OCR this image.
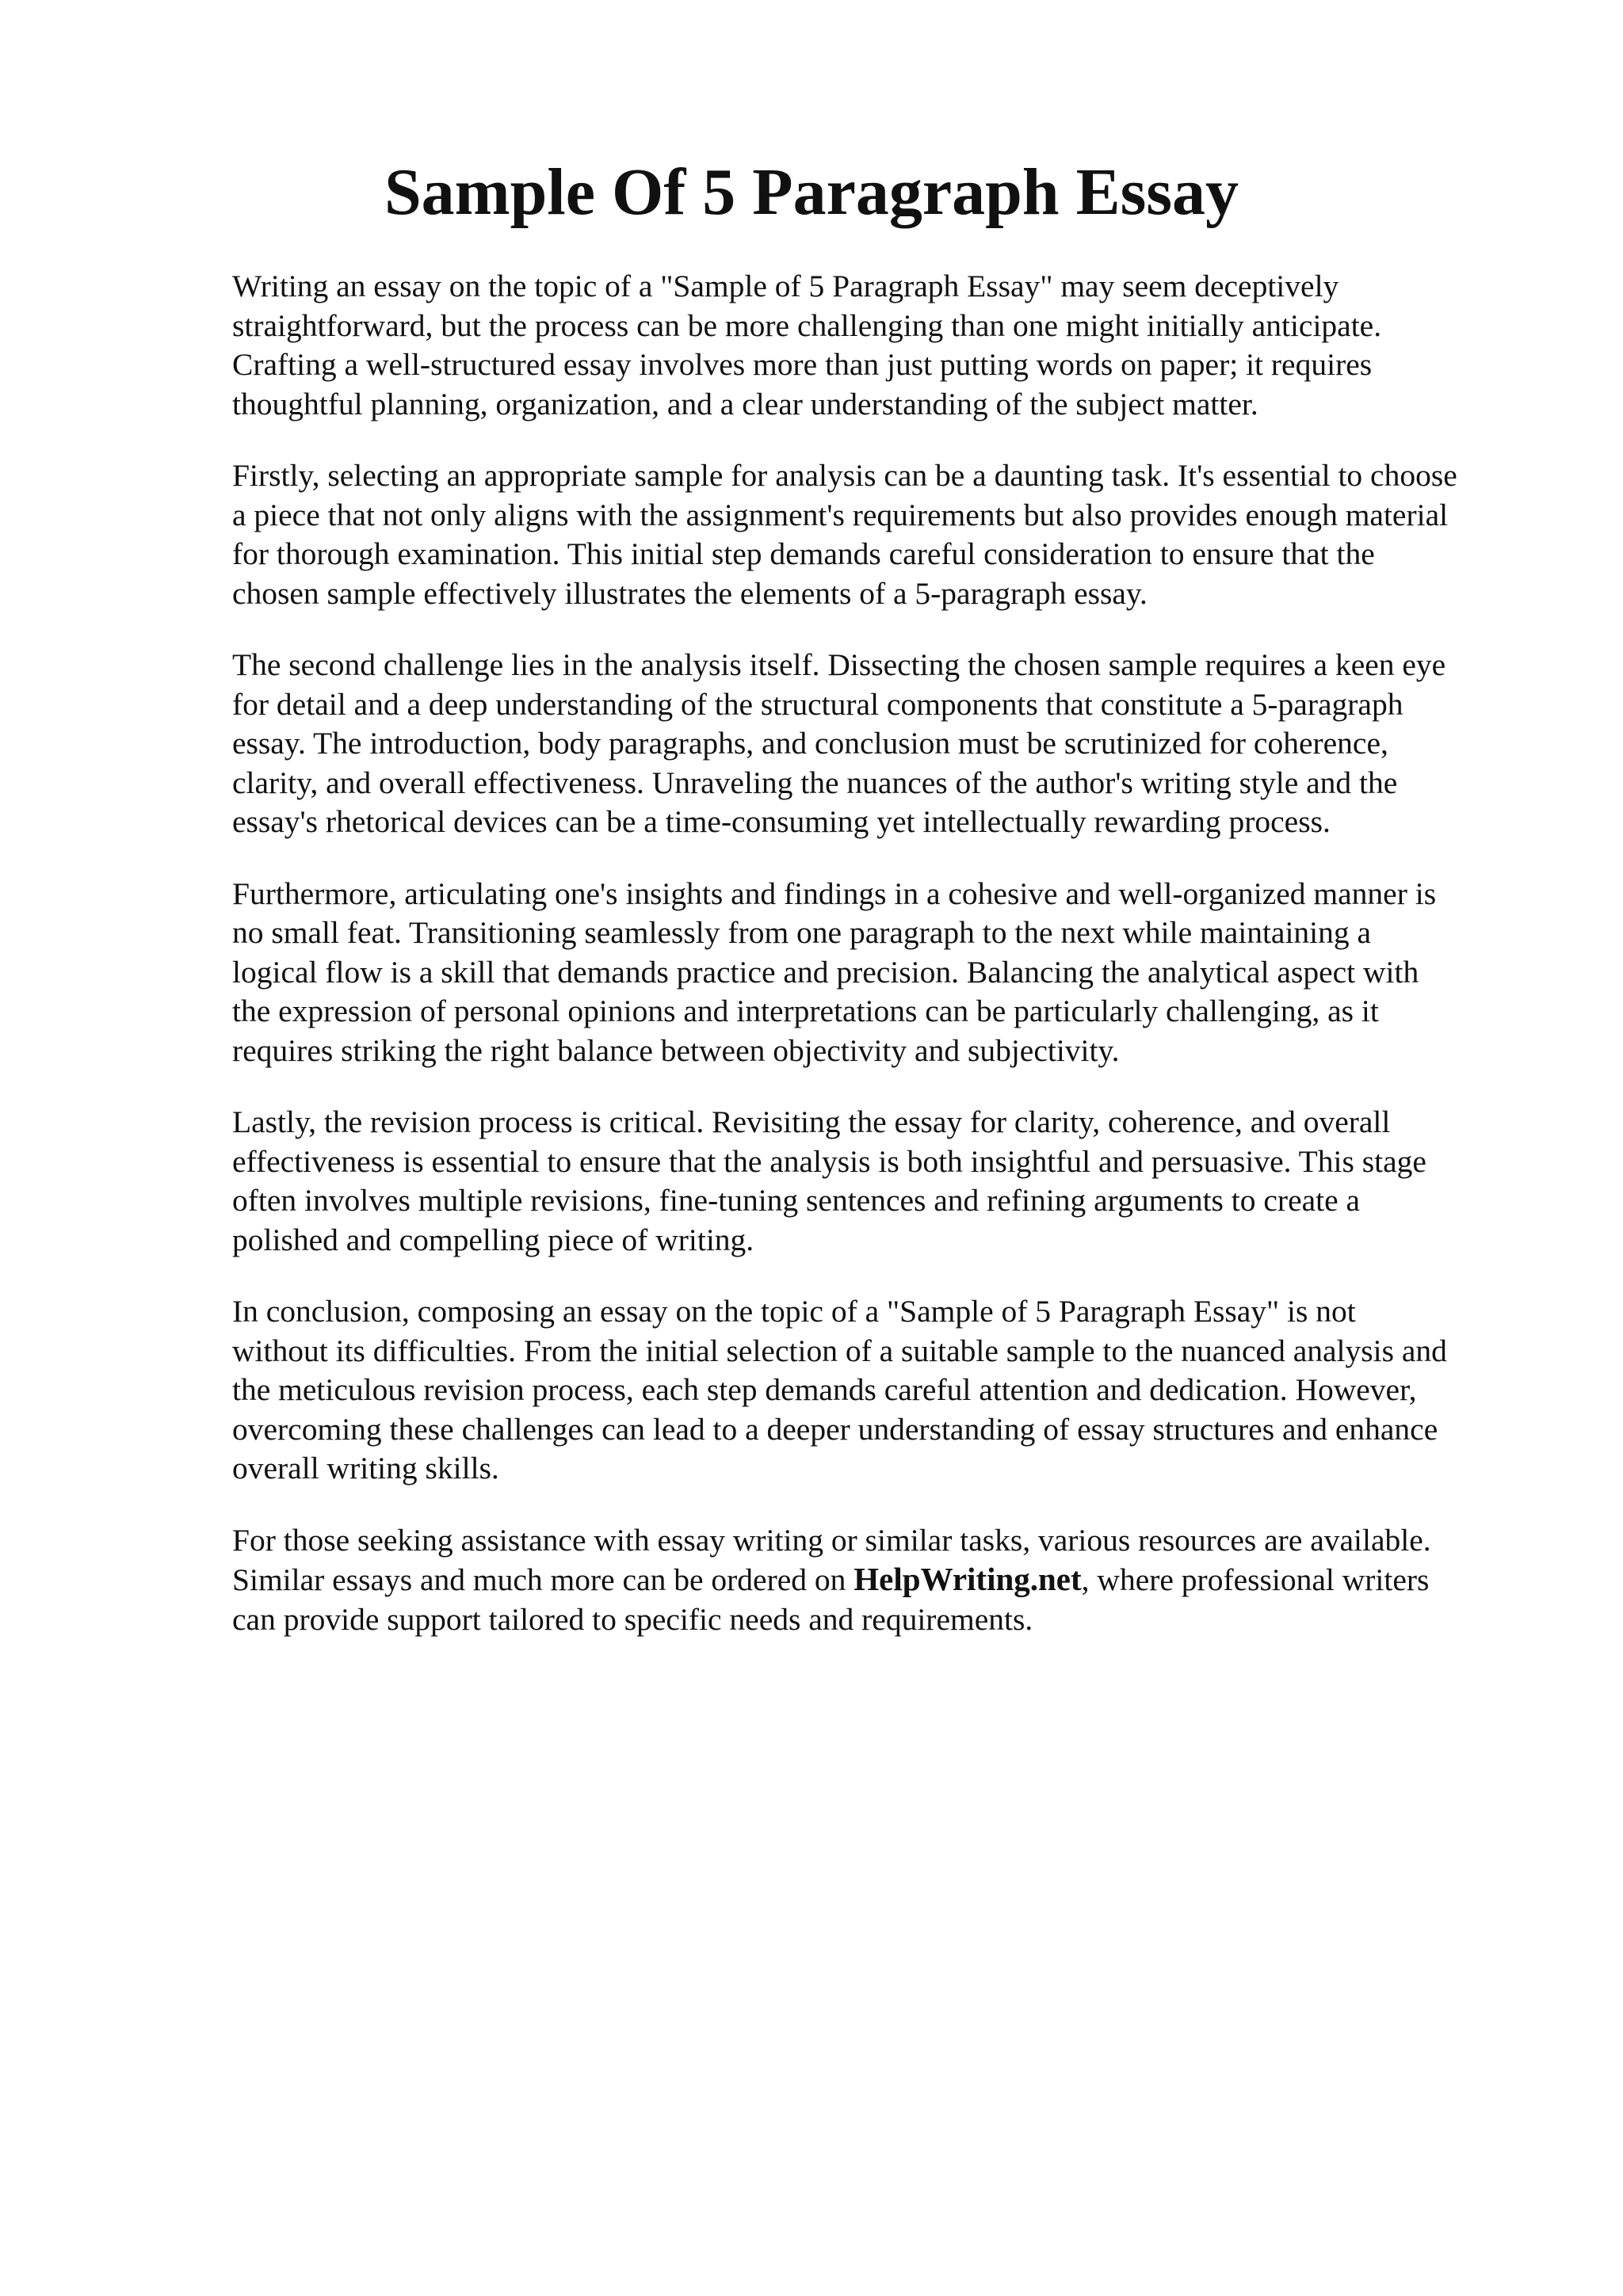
Sample Of 5 Paragraph Essay

Writing an essay on the topic of a "Sample of 5 Paragraph Essay" may seem deceptively
straightforward, but the process can be more challenging than one might initially anticipate.
Crafting a well-structured essay involves more than just putting words on paper; it requires
thoughtful planning, organization, and a clear understanding of the subject matter.

Firstly, selecting an appropriate sample for analysis can be a daunting task. It's essential to choose
a piece that not only aligns with the assignment's requirements but also provides enough material
for thorough examination. This initial step demands careful consideration to ensure that the
chosen sample effectively illustrates the elements of a 5-paragraph essay.

The second challenge lies in the analysis itself. Dissecting the chosen sample requires a keen eye
for detail and a deep understanding of the structural components that constitute a 5-paragraph
essay. The introduction, body paragraphs, and conclusion must be scrutinized for coherence,
clarity, and overall effectiveness. Unraveling the nuances of the author's writing style and the
essay's rhetorical devices can be a time-consuming yet intellectually rewarding process.

Furthermore, articulating one's insights and findings in a cohesive and well-organized manner is
no small feat. Transitioning seamlessly from one paragraph to the next while maintaining a
logical flow is a skill that demands practice and precision. Balancing the analytical aspect with
the expression of personal opinions and interpretations can be particularly challenging, as it
requires striking the right balance between objectivity and subjectivity.

Lastly, the revision process is critical. Revisiting the essay for clarity, coherence, and overall
effectiveness is essential to ensure that the analysis is both insightful and persuasive. This stage
often involves multiple revisions, fine-tuning sentences and refining arguments to create a
polished and compelling piece of writing.

In conclusion, composing an essay on the topic of a "Sample of 5 Paragraph Essay" is not
without its difficulties. From the initial selection of a suitable sample to the nuanced analysis and
the meticulous revision process, each step demands careful attention and dedication. However,
overcoming these challenges can lead to a deeper understanding of essay structures and enhance
overall writing skills.

For those seeking assistance with essay writing or similar tasks, various resources are available.
Similar essays and much more can be ordered on HelpWriting.net, where professional writers
can provide support tailored to specific needs and requirements.
